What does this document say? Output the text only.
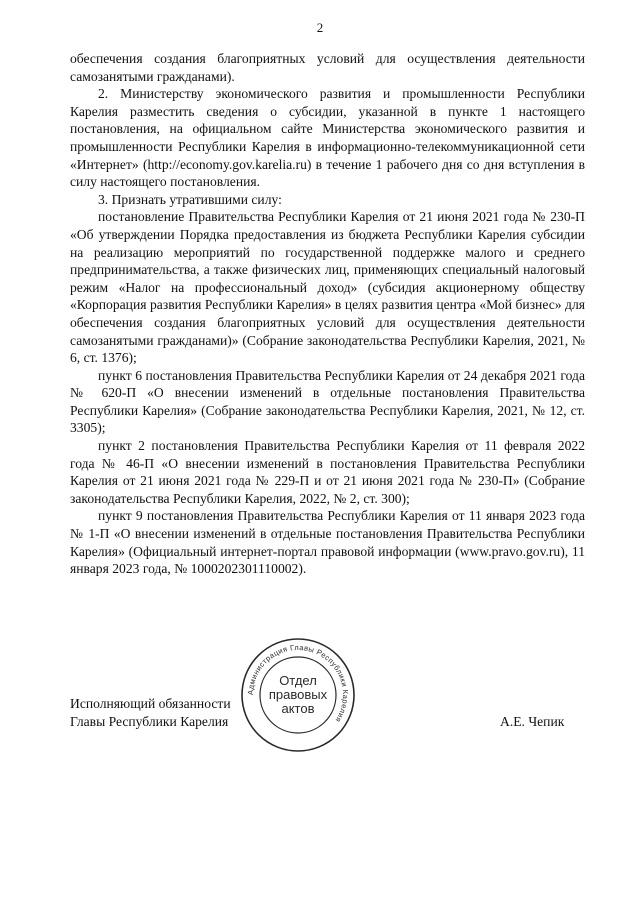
2

обеспечения создания благоприятных условий для осуществления деятельности самозанятыми гражданами).

2. Министерству экономического развития и промышленности Республики Карелия разместить сведения о субсидии, указанной в пункте 1 настоящего постановления, на официальном сайте Министерства экономического развития и промышленности Республики Карелия в информационно-телекоммуникационной сети «Интернет» (http://economy.gov.karelia.ru) в течение 1 рабочего дня со дня вступления в силу настоящего постановления.

3. Признать утратившими силу:

постановление Правительства Республики Карелия от 21 июня 2021 года № 230-П «Об утверждении Порядка предоставления из бюджета Республики Карелия субсидии на реализацию мероприятий по государственной поддержке малого и среднего предпринимательства, а также физических лиц, применяющих специальный налоговый режим «Налог на профессиональный доход» (субсидия акционерному обществу «Корпорация развития Республики Карелия» в целях развития центра «Мой бизнес» для обеспечения создания благоприятных условий для осуществления деятельности самозанятыми гражданами)» (Собрание законодательства Республики Карелия, 2021, № 6, ст. 1376);

пункт 6 постановления Правительства Республики Карелия от 24 декабря 2021 года № 620-П «О внесении изменений в отдельные постановления Правительства Республики Карелия» (Собрание законодательства Республики Карелия, 2021, № 12, ст. 3305);

пункт 2 постановления Правительства Республики Карелия от 11 февраля 2022 года № 46-П «О внесении изменений в постановления Правительства Республики Карелия от 21 июня 2021 года № 229-П и от 21 июня 2021 года № 230-П» (Собрание законодательства Республики Карелия, 2022, № 2, ст. 300);

пункт 9 постановления Правительства Республики Карелия от 11 января 2023 года № 1-П «О внесении изменений в отдельные постановления Правительства Республики Карелия» (Официальный интернет-портал правовой информации (www.pravo.gov.ru), 11 января 2023 года, № 1000202301110002).

Исполняющий обязанности
Главы Республики Карелия	А.Е. Чепик
Администрация Главы Республики Карелия
Отдел
правовых
актов
